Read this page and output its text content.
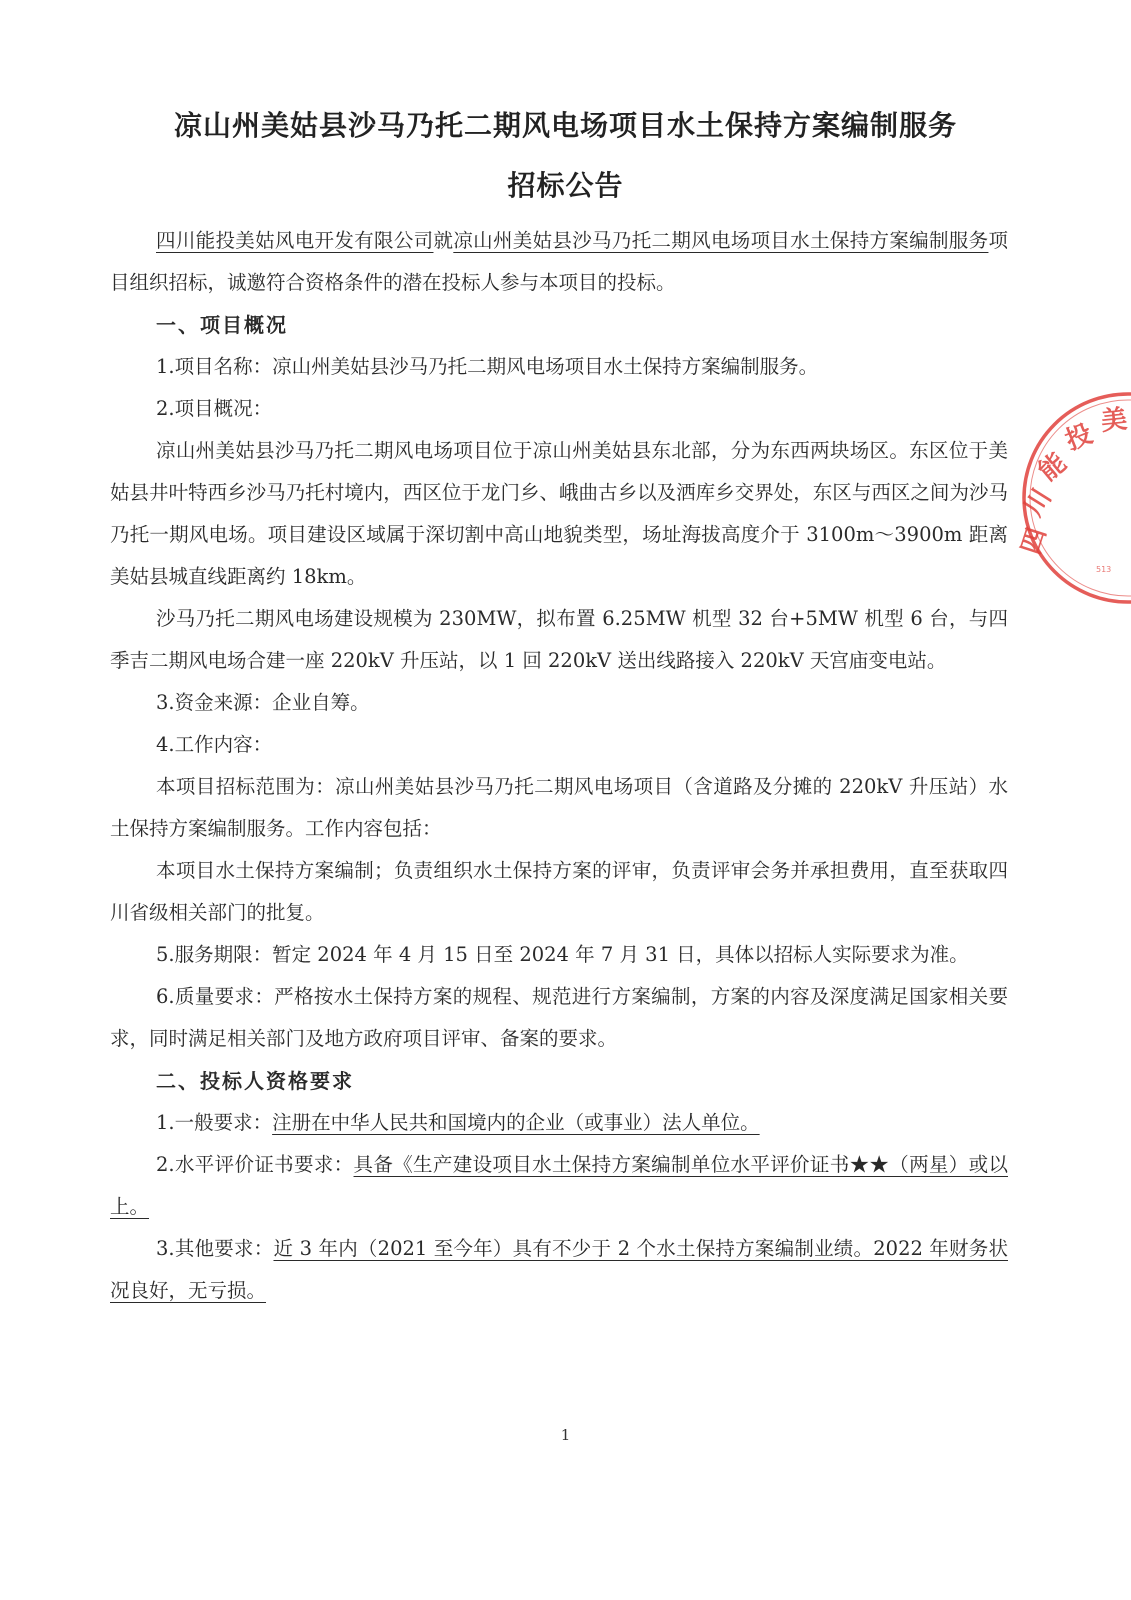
凉山州美姑县沙马乃托二期风电场项目水土保持方案编制服务
招标公告

四川能投美姑风电开发有限公司就凉山州美姑县沙马乃托二期风电场项目水土保持方案编制服务项目组织招标，诚邀符合资格条件的潜在投标人参与本项目的投标。

一、项目概况

1.项目名称：凉山州美姑县沙马乃托二期风电场项目水土保持方案编制服务。

2.项目概况：

凉山州美姑县沙马乃托二期风电场项目位于凉山州美姑县东北部，分为东西两块场区。东区位于美姑县井叶特西乡沙马乃托村境内，西区位于龙门乡、峨曲古乡以及洒库乡交界处，东区与西区之间为沙马乃托一期风电场。项目建设区域属于深切割中高山地貌类型，场址海拔高度介于 3100m～3900m 距离美姑县城直线距离约 18km。

沙马乃托二期风电场建设规模为 230MW，拟布置 6.25MW 机型 32 台+5MW 机型 6 台，与四季吉二期风电场合建一座 220kV 升压站，以 1 回 220kV 送出线路接入 220kV 天宫庙变电站。

3.资金来源：企业自筹。

4.工作内容：

本项目招标范围为：凉山州美姑县沙马乃托二期风电场项目（含道路及分摊的 220kV 升压站）水土保持方案编制服务。工作内容包括：

本项目水土保持方案编制；负责组织水土保持方案的评审，负责评审会务并承担费用，直至获取四川省级相关部门的批复。

5.服务期限：暂定 2024 年 4 月 15 日至 2024 年 7 月 31 日，具体以招标人实际要求为准。

6.质量要求：严格按水土保持方案的规程、规范进行方案编制，方案的内容及深度满足国家相关要求，同时满足相关部门及地方政府项目评审、备案的要求。

二、投标人资格要求

1.一般要求：注册在中华人民共和国境内的企业（或事业）法人单位。

2.水平评价证书要求：具备《生产建设项目水土保持方案编制单位水平评价证书★★（两星）或以上。

3.其他要求：近 3 年内（2021 至今年）具有不少于 2 个水土保持方案编制业绩。2022 年财务状况良好，无亏损。

1
四
川
能
投 美
513
